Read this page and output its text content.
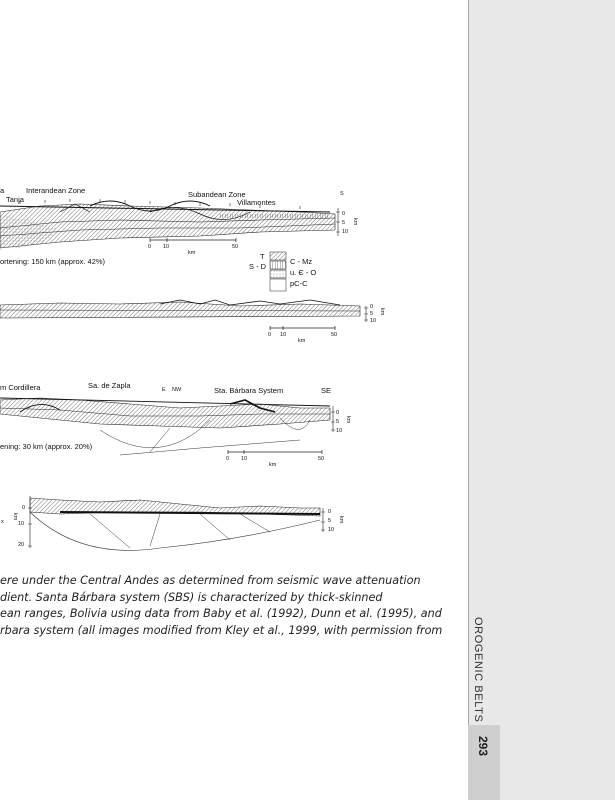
OROGENIC BELTS
293
a	Interandean Zone
Tanja
Subandean Zone
Villamontes
S
0
5
10
km
0 10	50
km
ortening: 150 km (approx. 42%)
T
S - D
C - Mz
u. Є - O
pC-C
0
5
10
km
0 10	50
km
m Cordillera	Sa. de Zapla	E NW	Sta. Bárbara System	SE
0
5
10
km
ening: 30 km (approx. 20%)
0 10	50
km
x
0
10
20
km
0
5
10
km

ere under the Central Andes as determined from seismic wave attenuation

dient. Santa Bárbara system (SBS) is characterized by thick-skinned

ean ranges, Bolivia using data from Baby et al. (1992), Dunn et al. (1995), and

rbara system (all images modified from Kley et al., 1999, with permission from
